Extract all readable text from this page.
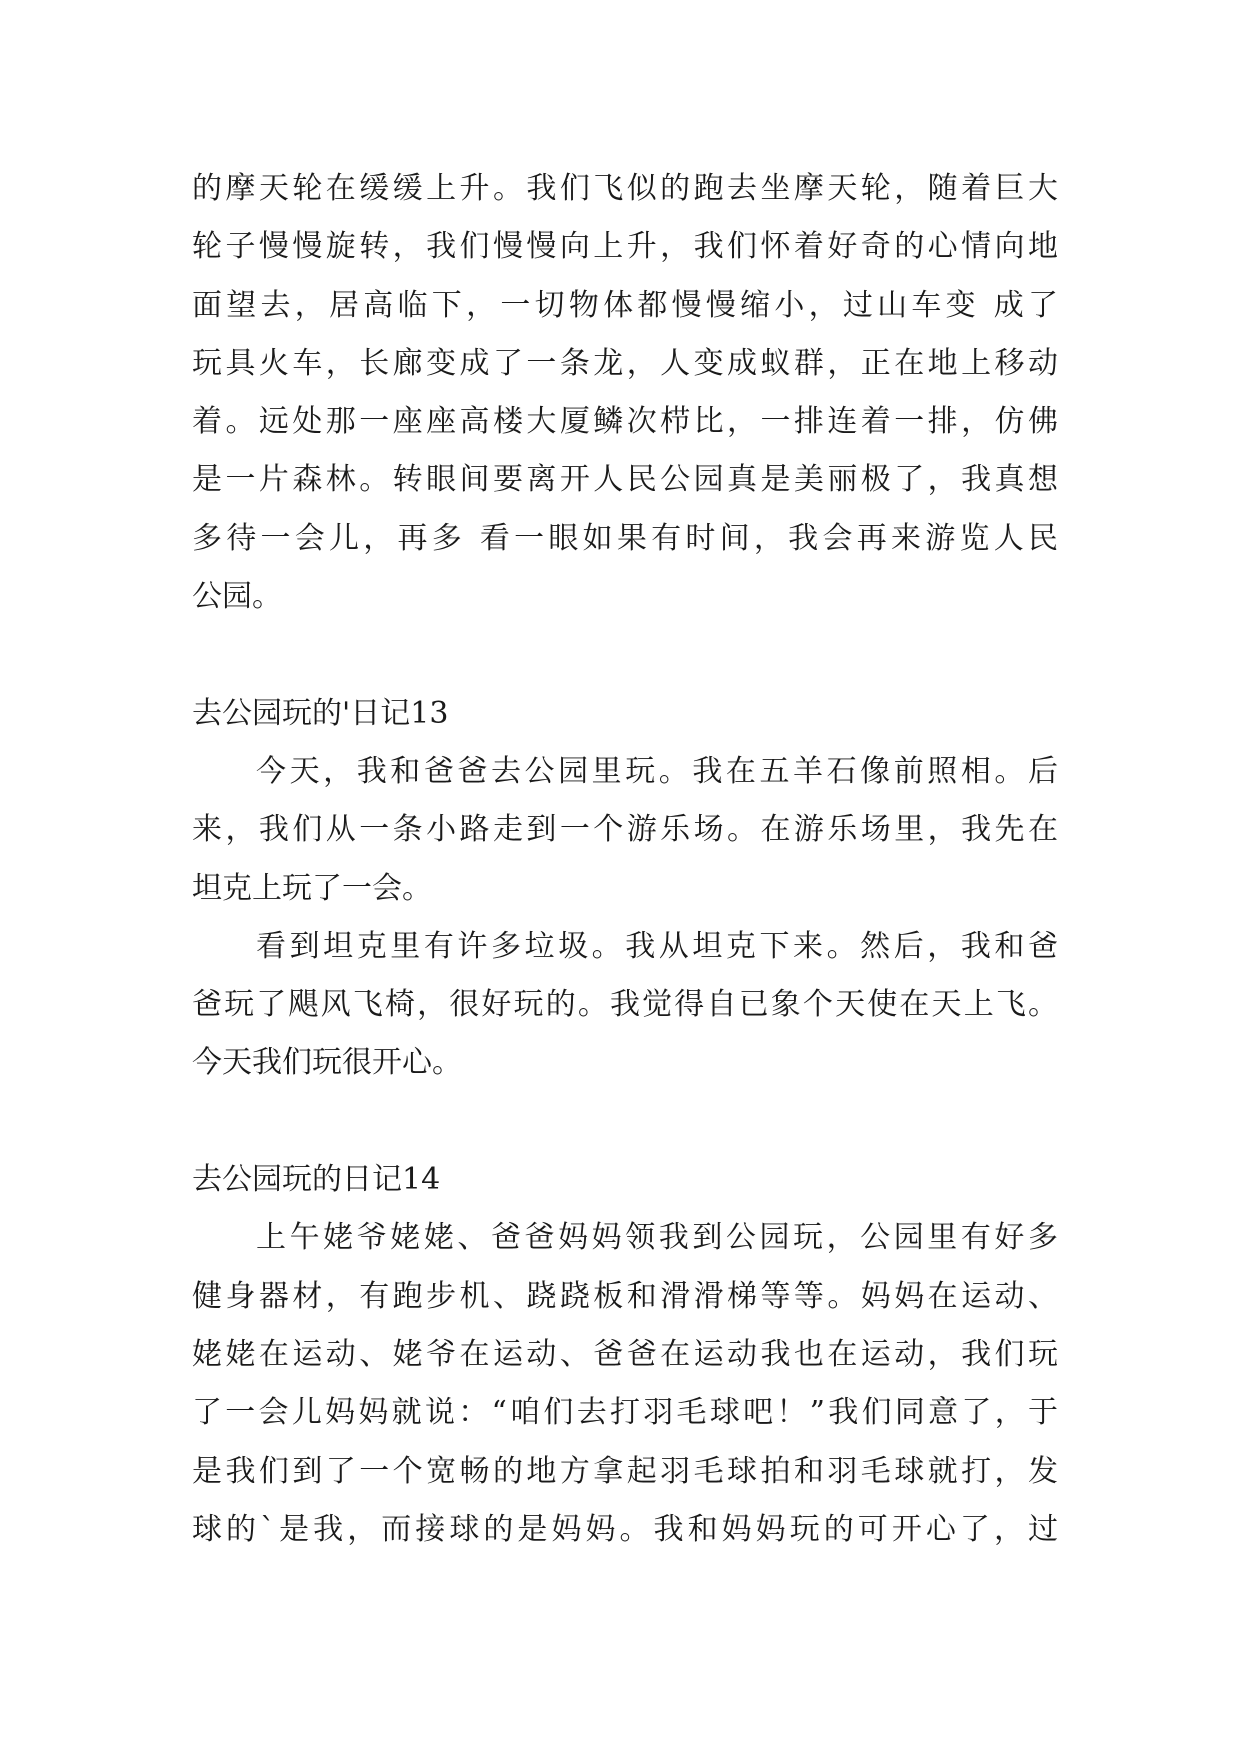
的摩天轮在缓缓上升。我们飞似的跑去坐摩天轮，随着巨大
轮子慢慢旋转，我们慢慢向上升，我们怀着好奇的心情向地
面望去，居高临下，一切物体都慢慢缩小，过山车变 成了
玩具火车，长廊变成了一条龙，人变成蚁群，正在地上移动
着。远处那一座座高楼大厦鳞次栉比，一排连着一排，仿佛
是一片森林。转眼间要离开人民公园真是美丽极了，我真想
多待一会儿，再多 看一眼如果有时间，我会再来游览人民
公园。
去公园玩的'日记13
今天，我和爸爸去公园里玩。我在五羊石像前照相。后
来，我们从一条小路走到一个游乐场。在游乐场里，我先在
坦克上玩了一会。
看到坦克里有许多垃圾。我从坦克下来。然后，我和爸
爸玩了飓风飞椅，很好玩的。我觉得自已象个天使在天上飞。
今天我们玩很开心。
去公园玩的日记14
上午姥爷姥姥、爸爸妈妈领我到公园玩，公园里有好多
健身器材，有跑步机、跷跷板和滑滑梯等等。妈妈在运动、
姥姥在运动、姥爷在运动、爸爸在运动我也在运动，我们玩
了一会儿妈妈就说：“咱们去打羽毛球吧！”我们同意了，于
是我们到了一个宽畅的地方拿起羽毛球拍和羽毛球就打，发
球的`是我，而接球的是妈妈。我和妈妈玩的可开心了，过
